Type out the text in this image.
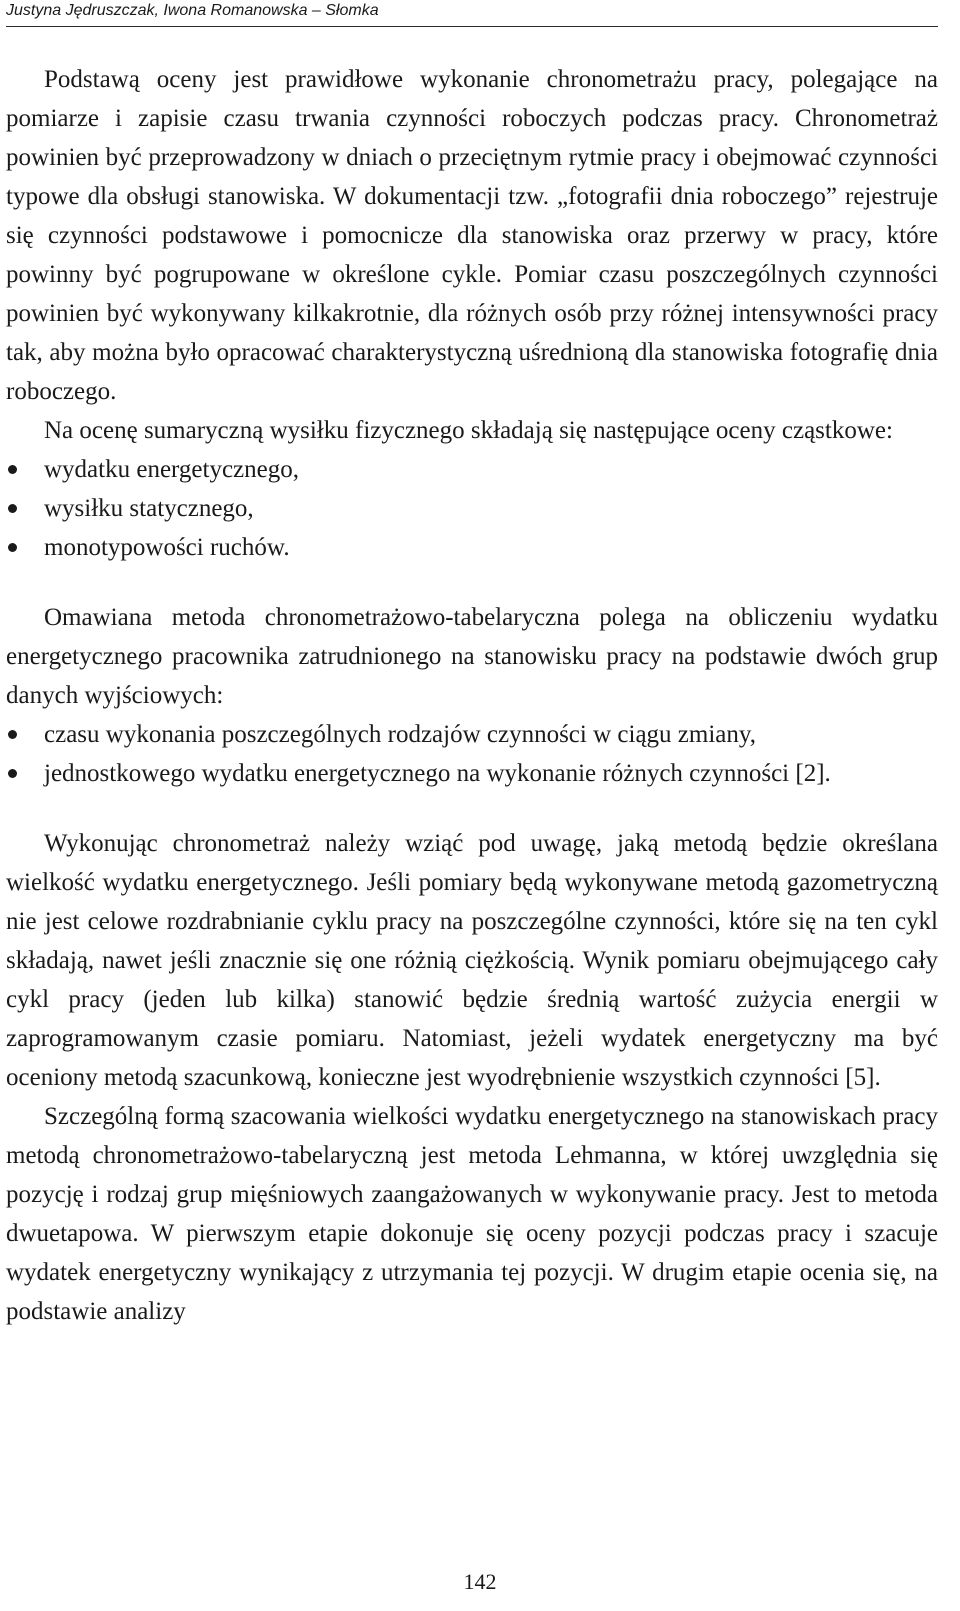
Justyna Jędruszczak, Iwona Romanowska – Słomka

Podstawą oceny jest prawidłowe wykonanie chronometrażu pracy, polegające na pomiarze i zapisie czasu trwania czynności roboczych podczas pracy. Chronometraż powinien być przeprowadzony w dniach o przeciętnym rytmie pracy i obejmować czynności typowe dla obsługi stanowiska. W dokumentacji tzw. „fotografii dnia roboczego” rejestruje się czynności podstawowe i pomocnicze dla stanowiska oraz przerwy w pracy, które powinny być pogrupowane w określone cykle. Pomiar czasu poszczególnych czynności powinien być wykonywany kilkakrotnie, dla różnych osób przy różnej intensywności pracy tak, aby można było opracować charakterystyczną uśrednioną dla stanowiska fotografię dnia roboczego.

Na ocenę sumaryczną wysiłku fizycznego składają się następujące oceny cząstkowe:

wydatku energetycznego,
wysiłku statycznego,
monotypowości ruchów.

Omawiana metoda chronometrażowo-tabelaryczna polega na obliczeniu wydatku energetycznego pracownika zatrudnionego na stanowisku pracy na podstawie dwóch grup danych wyjściowych:

czasu wykonania poszczególnych rodzajów czynności w ciągu zmiany,
jednostkowego wydatku energetycznego na wykonanie różnych czynności [2].

Wykonując chronometraż należy wziąć pod uwagę, jaką metodą będzie określana wielkość wydatku energetycznego. Jeśli pomiary będą wykonywane metodą gazometryczną nie jest celowe rozdrabnianie cyklu pracy na poszczególne czynności, które się na ten cykl składają, nawet jeśli znacznie się one różnią ciężkością. Wynik pomiaru obejmującego cały cykl pracy (jeden lub kilka) stanowić będzie średnią wartość zużycia energii w zaprogramowanym czasie pomiaru. Natomiast, jeżeli wydatek energetyczny ma być oceniony metodą szacunkową, konieczne jest wyodrębnienie wszystkich czynności [5].

Szczególną formą szacowania wielkości wydatku energetycznego na stanowiskach pracy metodą chronometrażowo-tabelaryczną jest metoda Lehmanna, w której uwzględnia się pozycję i rodzaj grup mięśniowych zaangażowanych w wykonywanie pracy. Jest to metoda dwuetapowa. W pierwszym etapie dokonuje się oceny pozycji podczas pracy i szacuje wydatek energetyczny wynikający z utrzymania tej pozycji. W drugim etapie ocenia się, na podstawie analizy

142
